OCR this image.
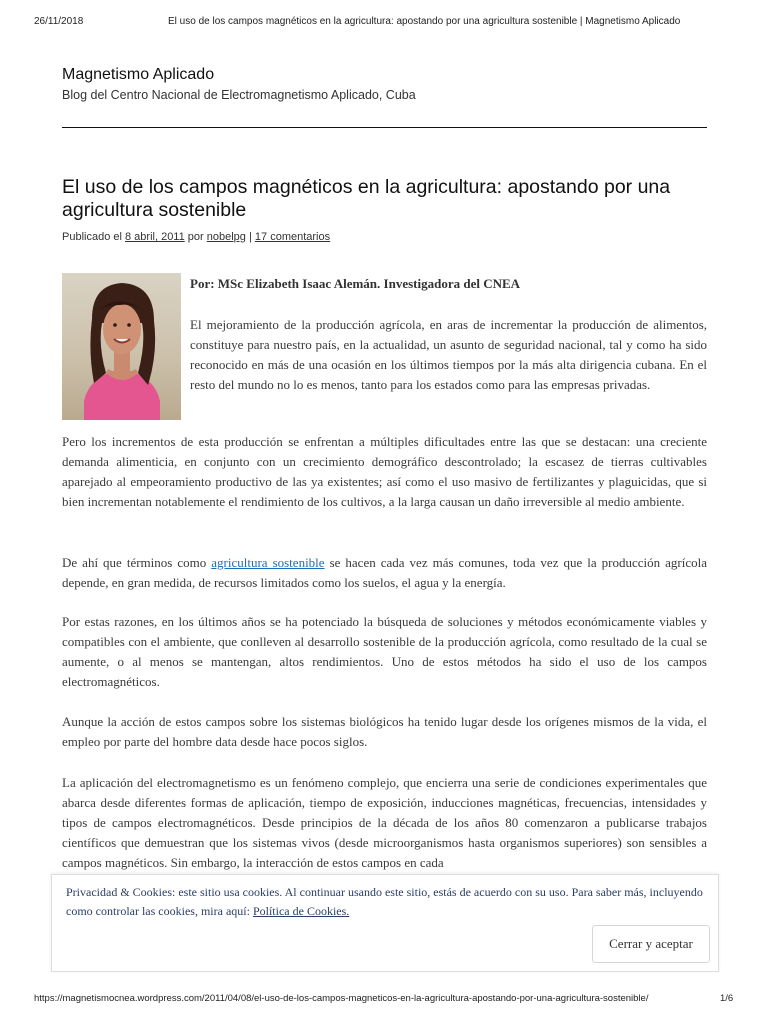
26/11/2018	El uso de los campos magnéticos en la agricultura: apostando por una agricultura sostenible | Magnetismo Aplicado
Magnetismo Aplicado
Blog del Centro Nacional de Electromagnetismo Aplicado, Cuba
El uso de los campos magnéticos en la agricultura: apostando por una agricultura sostenible
Publicado el 8 abril, 2011 por nobelpg | 17 comentarios
Por: MSc Elizabeth Isaac Alemán. Investigadora del CNEA

El mejoramiento de la producción agrícola, en aras de incrementar la producción de alimentos, constituye para nuestro país, en la actualidad, un asunto de seguridad nacional, tal y como ha sido reconocido en más de una ocasión en los últimos tiempos por la más alta dirigencia cubana. En el resto del mundo no lo es menos, tanto para los estados como para las empresas privadas.

Pero los incrementos de esta producción se enfrentan a múltiples dificultades entre las que se destacan: una creciente demanda alimenticia, en conjunto con un crecimiento demográfico descontrolado; la escasez de tierras cultivables aparejado al empeoramiento productivo de las ya existentes; así como el uso masivo de fertilizantes y plaguicidas, que si bien incrementan notablemente el rendimiento de los cultivos, a la larga causan un daño irreversible al medio ambiente.

De ahí que términos como agricultura sostenible se hacen cada vez más comunes, toda vez que la producción agrícola depende, en gran medida, de recursos limitados como los suelos, el agua y la energía.

Por estas razones, en los últimos años se ha potenciado la búsqueda de soluciones y métodos económicamente viables y compatibles con el ambiente, que conlleven al desarrollo sostenible de la producción agrícola, como resultado de la cual se aumente, o al menos se mantengan, altos rendimientos. Uno de estos métodos ha sido el uso de los campos electromagnéticos.

Aunque la acción de estos campos sobre los sistemas biológicos ha tenido lugar desde los orígenes mismos de la vida, el empleo por parte del hombre data desde hace pocos siglos.

La aplicación del electromagnetismo es un fenómeno complejo, que encierra una serie de condiciones experimentales que abarca desde diferentes formas de aplicación, tiempo de exposición, inducciones magnéticas, frecuencias, intensidades y tipos de campos electromagnéticos. Desde principios de la década de los años 80 comenzaron a publicarse trabajos científicos que demuestran que los sistemas vivos (desde microorganismos hasta organismos superiores) son sensibles a campos magnéticos. Sin embargo, la interacción de estos campos en cada

Privacidad & Cookies: este sitio usa cookies. Al continuar usando este sitio, estás de acuerdo con su uso. Para saber más, incluyendo como controlar las cookies, mira aquí: Política de Cookies.
Cerrar y aceptar
https://magnetismocnea.wordpress.com/2011/04/08/el-uso-de-los-campos-magneticos-en-la-agricultura-apostando-por-una-agricultura-sostenible/	1/6
